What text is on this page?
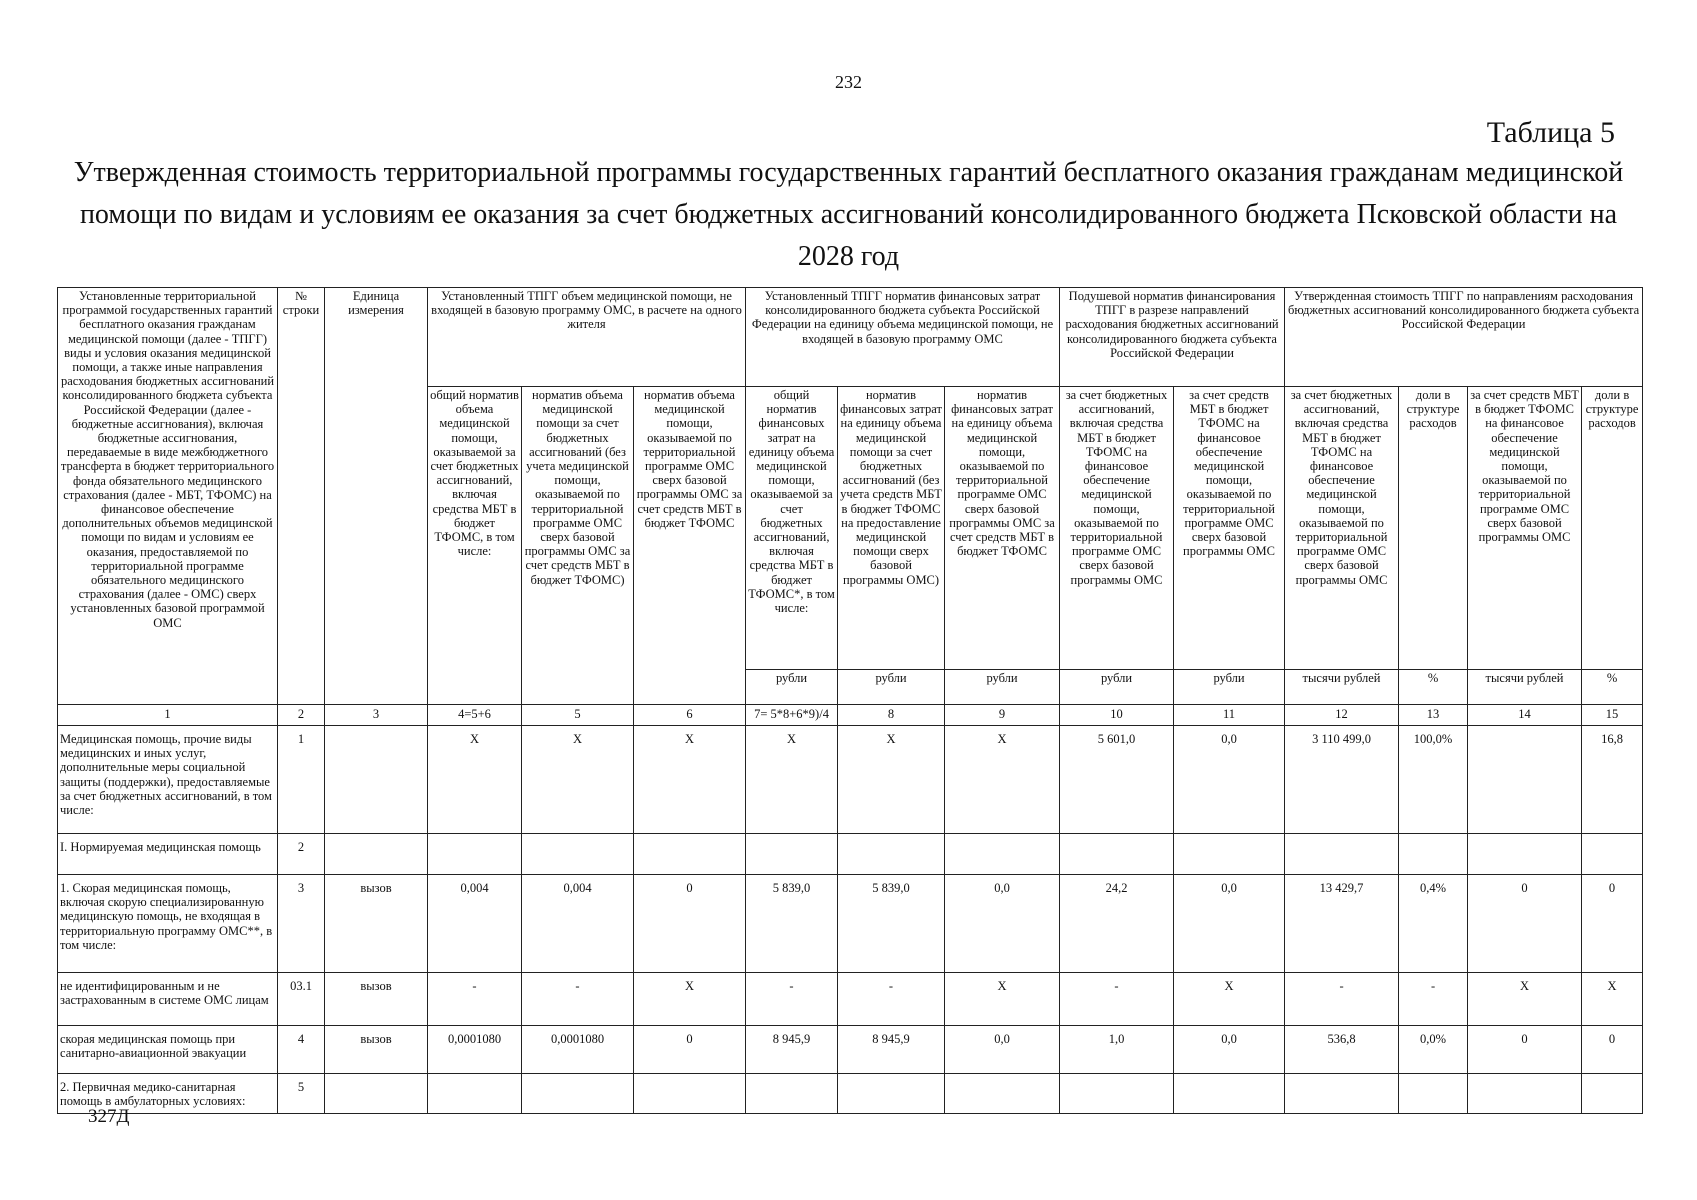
232
Таблица 5
Утвержденная стоимость территориальной программы государственных гарантий бесплатного оказания гражданам медицинской помощи по видам и условиям ее оказания за счет бюджетных ассигнований консолидированного бюджета Псковской области на 2028 год
Установленные территориальной программой государственных гарантий бесплатного оказания гражданам медицинской помощи (далее - ТПГГ) виды и условия оказания медицинской помощи, а также иные направления расходования бюджетных ассигнований консолидированного бюджета субъекта Российской Федерации (далее - бюджетные ассигнования), включая бюджетные ассигнования, передаваемые в виде межбюджетного трансферта в бюджет территориального фонда обязательного медицинского страхования (далее - МБТ, ТФОМС) на финансовое обеспечение дополнительных объемов медицинской помощи по видам и условиям ее оказания, предоставляемой по территориальной программе обязательного медицинского страхования (далее - ОМС) сверх установленных базовой программой ОМС	№ строки	Единица измерения	Установленный ТПГГ объем медицинской помощи, не входящей в базовую программу ОМС, в расчете на одного жителя			Установленный ТПГГ норматив финансовых затрат консолидированного бюджета субъекта Российской Федерации на единицу объема медицинской помощи, не входящей в базовую программу ОМС			Подушевой норматив финансирования ТПГГ в разрезе направлений расходования бюджетных ассигнований консолидированного бюджета субъекта Российской Федерации		Утвержденная стоимость ТПГГ по направлениям расходования бюджетных ассигнований консолидированного бюджета субъекта Российской Федерации			
			общий норматив объема медицинской помощи, оказываемой за счет бюджетных ассигнований, включая средства МБТ в бюджет ТФОМС, в том числе:	норматив объема медицинской помощи за счет бюджетных ассигнований (без учета медицинской помощи, оказываемой по территориальной программе ОМС сверх базовой программы ОМС за счет средств МБТ в бюджет ТФОМС)	норматив объема медицинской помощи, оказываемой по территориальной программе ОМС сверх базовой программы ОМС за счет средств МБТ в бюджет ТФОМС	общий норматив финансовых затрат на единицу объема медицинской помощи, оказываемой за счет бюджетных ассигнований, включая средства МБТ в бюджет ТФОМС*, в том числе:	норматив финансовых затрат на единицу объема медицинской помощи за счет бюджетных ассигнований (без учета средств МБТ в бюджет ТФОМС на предоставление медицинской помощи сверх базовой программы ОМС)	норматив финансовых затрат на единицу объема медицинской помощи, оказываемой по территориальной программе ОМС сверх базовой программы ОМС за счет средств МБТ в бюджет ТФОМС	за счет бюджетных ассигнований, включая средства МБТ в бюджет ТФОМС на финансовое обеспечение медицинской помощи, оказываемой по территориальной программе ОМС сверх базовой программы ОМС	за счет средств МБТ в бюджет ТФОМС на финансовое обеспечение медицинской помощи, оказываемой по территориальной программе ОМС сверх базовой программы ОМС	за счет бюджетных ассигнований, включая средства МБТ в бюджет ТФОМС на финансовое обеспечение медицинской помощи, оказываемой по территориальной программе ОМС сверх базовой программы ОМС	доли в структуре расходов	за счет средств МБТ в бюджет ТФОМС на финансовое обеспечение медицинской помощи, оказываемой по территориальной программе ОМС сверх базовой программы ОМС	доли в структуре расходов
						рубли	рубли	рубли	рубли	рубли	тысячи рублей	%	тысячи рублей	%
1	2	3	4=5+6	5	6	7= 5*8+6*9)/4	8	9	10	11	12	13	14	15
Медицинская помощь, прочие виды медицинских и иных услуг, дополнительные меры социальной защиты (поддержки), предоставляемые за счет бюджетных ассигнований, в том числе:	1		X	X	X	X	X	X	5 601,0	0,0	3 110 499,0	100,0%		16,8
I. Нормируемая медицинская помощь	2													
1. Скорая медицинская помощь, включая скорую специализированную медицинскую помощь, не входящая в территориальную программу ОМС**, в том числе:	3	вызов	0,004	0,004	0	5 839,0	5 839,0	0,0	24,2	0,0	13 429,7	0,4%	0	0
не идентифицированным и не застрахованным в системе ОМС лицам	03.1	вызов	-	-	X	-	-	X	-	X	-	-	X	X
скорая медицинская помощь при санитарно-авиационной эвакуации	4	вызов	0,0001080	0,0001080	0	8 945,9	8 945,9	0,0	1,0	0,0	536,8	0,0%	0	0
2. Первичная медико-санитарная помощь в амбулаторных условиях:	5													
327Д
